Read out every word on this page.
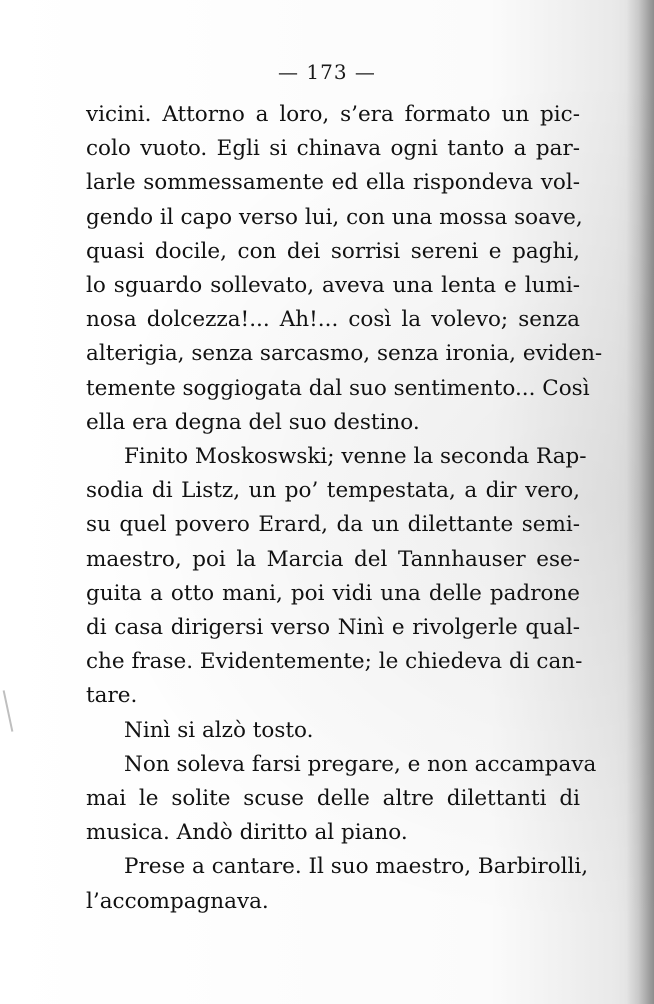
— 173 —
vicini. Attorno a loro, s’era formato un pic-
colo vuoto. Egli si chinava ogni tanto a par-
larle sommessamente ed ella rispondeva vol-
gendo il capo verso lui, con una mossa soave,
quasi docile, con dei sorrisi sereni e paghi,
lo sguardo sollevato, aveva una lenta e lumi-
nosa dolcezza!... Ah!... così la volevo; senza
alterigia, senza sarcasmo, senza ironia, eviden-
temente soggiogata dal suo sentimento... Così
ella era degna del suo destino.
Finito Moskoswski; venne la seconda Rap-
sodia di Listz, un po’ tempestata, a dir vero,
su quel povero Erard, da un dilettante semi-
maestro, poi la Marcia del Tannhauser ese-
guita a otto mani, poi vidi una delle padrone
di casa dirigersi verso Ninì e rivolgerle qual-
che frase. Evidentemente; le chiedeva di can-
tare.
Ninì si alzò tosto.
Non soleva farsi pregare, e non accampava
mai le solite scuse delle altre dilettanti di
musica. Andò diritto al piano.
Prese a cantare. Il suo maestro, Barbirolli,
l’accompagnava.
